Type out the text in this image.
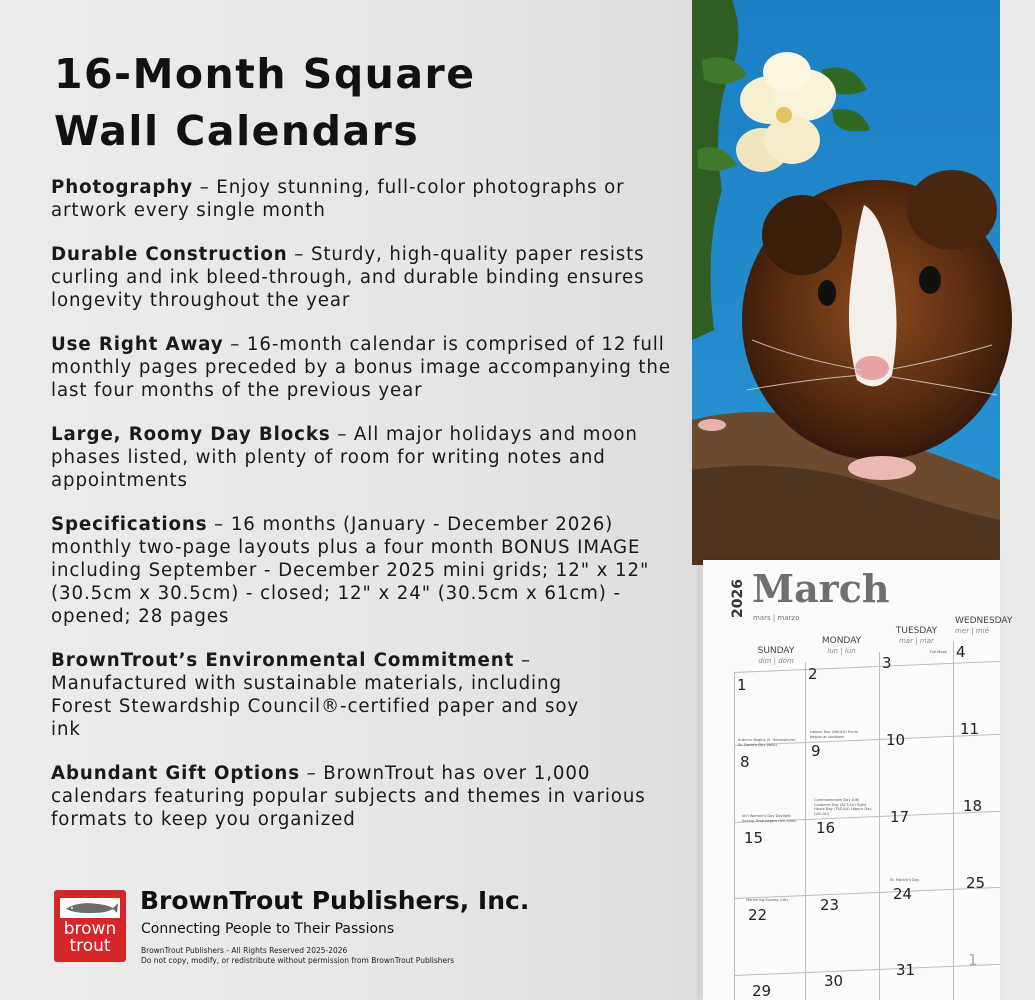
16-Month Square
Wall Calendars

Photography – Enjoy stunning, full-color photographs or artwork every single month

Durable Construction – Sturdy, high-quality paper resists curling and ink bleed-through, and durable binding ensures longevity throughout the year

Use Right Away – 16-month calendar is comprised of 12 full monthly pages preceded by a bonus image accompanying the last four months of the previous year

Large, Roomy Day Blocks – All major holidays and moon phases listed, with plenty of room for writing notes and appointments

Specifications – 16 months (January - December 2026) monthly two-page layouts plus a four month BONUS IMAGE including September - December 2025 mini grids; 12" x 12" (30.5cm x 30.5cm) - closed; 12" x 24" (30.5cm x 61cm) - opened; 28 pages

BrownTrout’s Environmental Commitment – Manufactured with sustainable materials, including Forest Stewardship Council®-certified paper and soy ink

Abundant Gift Options – BrownTrout has over 1,000 calendars featuring popular subjects and themes in various formats to keep you organized

brown
trout
BrownTrout Publishers, Inc.
Connecting People to Their Passions
BrownTrout Publishers - All Rights Reserved 2025-2026
Do not copy, modify, or redistribute without permission from BrownTrout Publishers
2026 March
mars | marzo
SUNDAY
dim | dom
MONDAY
lun | lun
TUESDAY
mar | mar
WEDNESDAY
mer | mié
1
2
3
4
8
9
10
11
15
16
17
18
22
23
24
25
29
30
31
1
Autumn Begins (S. Hemisphere) St. David's Day (WAL)
Labour Day (WA-AU) Purim begins at sundown
Int'l Women's Day Daylight Saving Time begins (US, CAN)
Commonwealth Day (UK) Canberra Day (ACT-AU) Eight Hours Day (TAS-AU) Labour Day (VIC-AU)
St. Patrick's Day
Mothering Sunday (UK)
Full Moon
